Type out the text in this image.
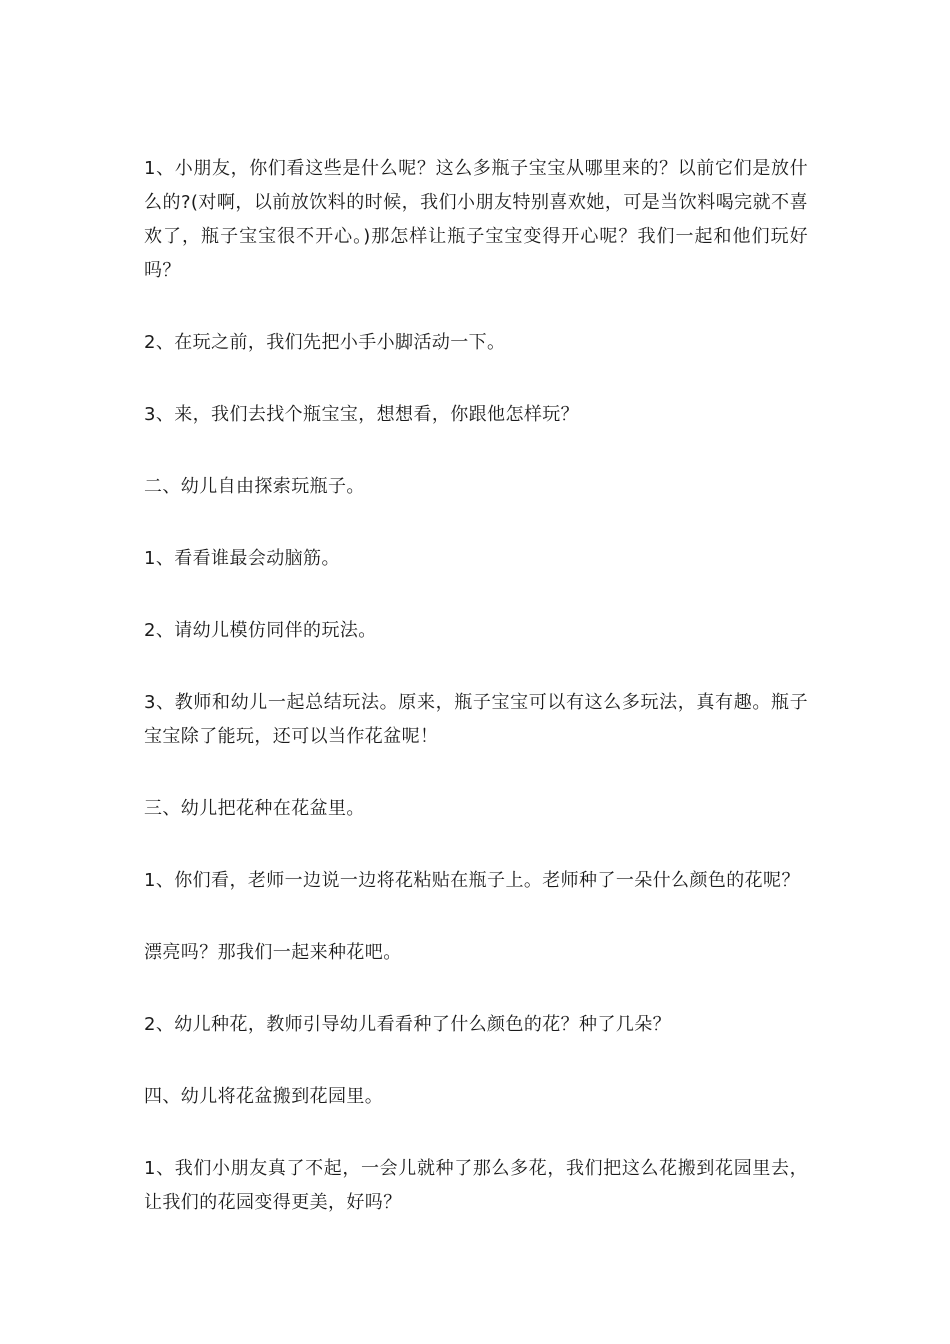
1、小朋友，你们看这些是什么呢？这么多瓶子宝宝从哪里来的？以前它们是放什么的?(对啊，以前放饮料的时候，我们小朋友特别喜欢她，可是当饮料喝完就不喜欢了，瓶子宝宝很不开心。)那怎样让瓶子宝宝变得开心呢？我们一起和他们玩好吗？

2、在玩之前，我们先把小手小脚活动一下。

3、来，我们去找个瓶宝宝，想想看，你跟他怎样玩？

二、幼儿自由探索玩瓶子。

1、看看谁最会动脑筋。

2、请幼儿模仿同伴的玩法。

3、教师和幼儿一起总结玩法。原来，瓶子宝宝可以有这么多玩法，真有趣。瓶子宝宝除了能玩，还可以当作花盆呢！

三、幼儿把花种在花盆里。

1、你们看，老师一边说一边将花粘贴在瓶子上。老师种了一朵什么颜色的花呢？

漂亮吗？那我们一起来种花吧。

2、幼儿种花，教师引导幼儿看看种了什么颜色的花？种了几朵？

四、幼儿将花盆搬到花园里。

1、我们小朋友真了不起，一会儿就种了那么多花，我们把这么花搬到花园里去，让我们的花园变得更美，好吗？
